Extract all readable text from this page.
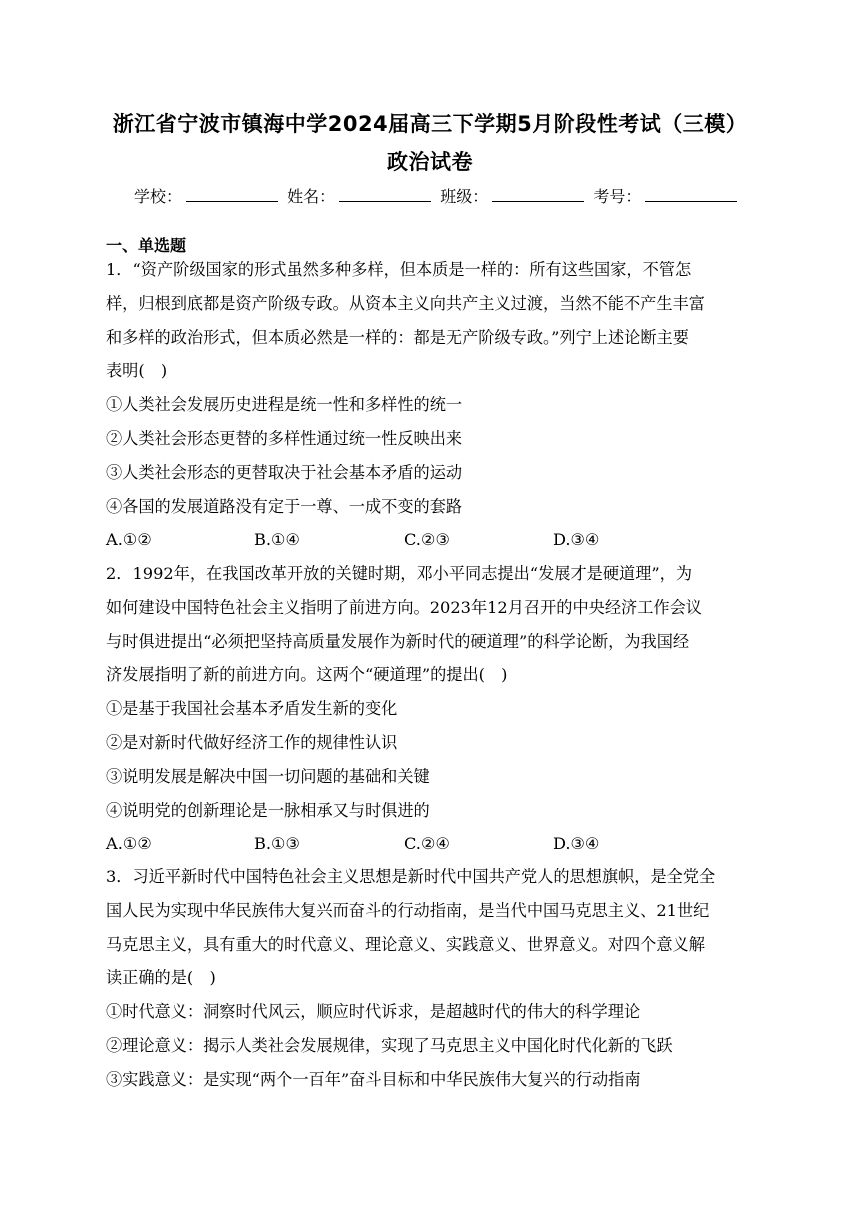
浙江省宁波市镇海中学2024届高三下学期5月阶段性考试（三模）
政治试卷
学校：	姓名：	班级：	考号：
一、单选题
1．“资产阶级国家的形式虽然多种多样，但本质是一样的：所有这些国家，不管怎
样，归根到底都是资产阶级专政。从资本主义向共产主义过渡，当然不能不产生丰富
和多样的政治形式，但本质必然是一样的：都是无产阶级专政。”列宁上述论断主要
表明(　)
①人类社会发展历史进程是统一性和多样性的统一
②人类社会形态更替的多样性通过统一性反映出来
③人类社会形态的更替取决于社会基本矛盾的运动
④各国的发展道路没有定于一尊、一成不变的套路
A.①②	B.①④	C.②③	D.③④
2．1992年，在我国改革开放的关键时期，邓小平同志提出“发展才是硬道理”，为
如何建设中国特色社会主义指明了前进方向。2023年12月召开的中央经济工作会议
与时俱进提出“必须把坚持高质量发展作为新时代的硬道理”的科学论断，为我国经
济发展指明了新的前进方向。这两个“硬道理”的提出(　)
①是基于我国社会基本矛盾发生新的变化
②是对新时代做好经济工作的规律性认识
③说明发展是解决中国一切问题的基础和关键
④说明党的创新理论是一脉相承又与时俱进的
A.①②	B.①③	C.②④	D.③④
3．习近平新时代中国特色社会主义思想是新时代中国共产党人的思想旗帜，是全党全
国人民为实现中华民族伟大复兴而奋斗的行动指南，是当代中国马克思主义、21世纪
马克思主义，具有重大的时代意义、理论意义、实践意义、世界意义。对四个意义解
读正确的是(　)
①时代意义：洞察时代风云，顺应时代诉求，是超越时代的伟大的科学理论
②理论意义：揭示人类社会发展规律，实现了马克思主义中国化时代化新的飞跃
③实践意义：是实现“两个一百年”奋斗目标和中华民族伟大复兴的行动指南
